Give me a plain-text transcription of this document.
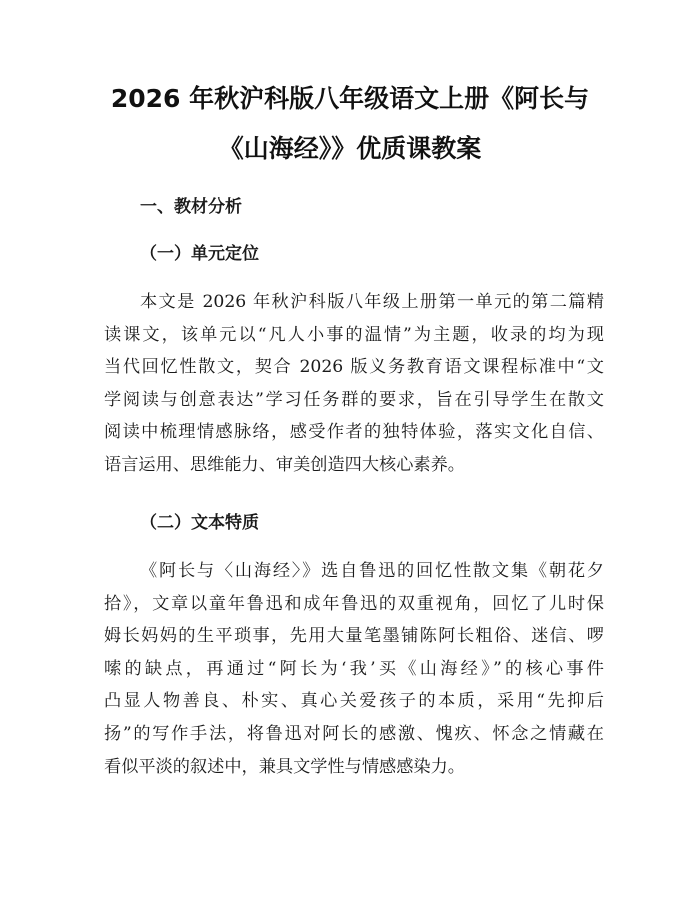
2026 年秋沪科版八年级语文上册《阿长与
《山海经》》优质课教案
一、教材分析
（一）单元定位
本文是 2026 年秋沪科版八年级上册第一单元的第二篇精
读课文，该单元以“凡人小事的温情”为主题，收录的均为现
当代回忆性散文，契合 2026 版义务教育语文课程标准中“文
学阅读与创意表达”学习任务群的要求，旨在引导学生在散文
阅读中梳理情感脉络，感受作者的独特体验，落实文化自信、
语言运用、思维能力、审美创造四大核心素养。
（二）文本特质
《阿长与〈山海经〉》选自鲁迅的回忆性散文集《朝花夕
拾》，文章以童年鲁迅和成年鲁迅的双重视角，回忆了儿时保
姆长妈妈的生平琐事，先用大量笔墨铺陈阿长粗俗、迷信、啰
嗦的缺点，再通过“阿长为‘我’买《山海经》”的核心事件
凸显人物善良、朴实、真心关爱孩子的本质，采用“先抑后
扬”的写作手法，将鲁迅对阿长的感激、愧疚、怀念之情藏在
看似平淡的叙述中，兼具文学性与情感感染力。
